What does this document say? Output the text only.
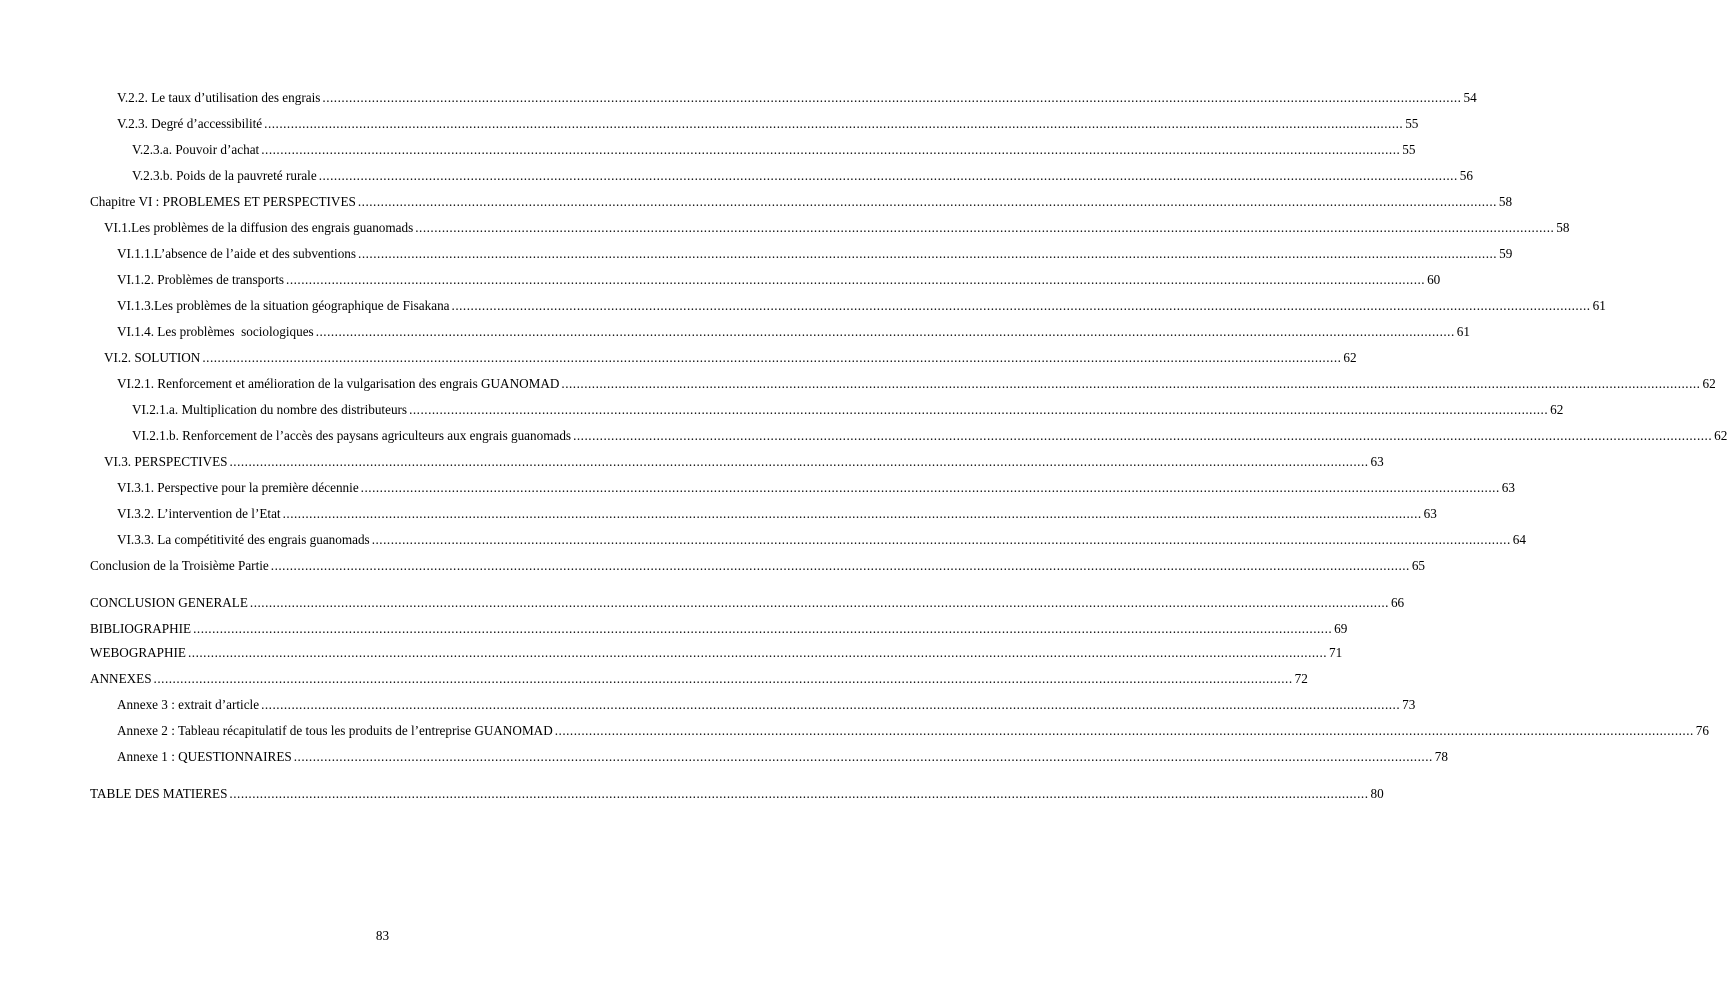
V.2.2. Le taux d’utilisation des engrais ............................................................................................................................................................................................................................................................................................................ 54
V.2.3. Degré d’accessibilité ............................................................................................................................................................................................................................................................................................................ 55
V.2.3.a. Pouvoir d’achat ............................................................................................................................................................................................................................................................................................................ 55
V.2.3.b. Poids de la pauvreté rurale ............................................................................................................................................................................................................................................................................................................ 56
Chapitre VI : PROBLEMES ET PERSPECTIVES ............................................................................................................................................................................................................................................................................................................ 58
VI.1.Les problèmes de la diffusion des engrais guanomads ............................................................................................................................................................................................................................................................................................................ 58
VI.1.1.L’absence de l’aide et des subventions ............................................................................................................................................................................................................................................................................................................ 59
VI.1.2. Problèmes de transports ............................................................................................................................................................................................................................................................................................................ 60
VI.1.3.Les problèmes de la situation géographique de Fisakana ............................................................................................................................................................................................................................................................................................................ 61
VI.1.4. Les problèmes  sociologiques ............................................................................................................................................................................................................................................................................................................ 61
VI.2. SOLUTION ............................................................................................................................................................................................................................................................................................................ 62
VI.2.1. Renforcement et amélioration de la vulgarisation des engrais GUANOMAD ............................................................................................................................................................................................................................................................................................................ 62
VI.2.1.a. Multiplication du nombre des distributeurs ............................................................................................................................................................................................................................................................................................................ 62
VI.2.1.b. Renforcement de l’accès des paysans agriculteurs aux engrais guanomads ............................................................................................................................................................................................................................................................................................................ 62
VI.3. PERSPECTIVES ............................................................................................................................................................................................................................................................................................................ 63
VI.3.1. Perspective pour la première décennie ............................................................................................................................................................................................................................................................................................................ 63
VI.3.2. L’intervention de l’Etat ............................................................................................................................................................................................................................................................................................................ 63
VI.3.3. La compétitivité des engrais guanomads ............................................................................................................................................................................................................................................................................................................ 64
Conclusion de la Troisième Partie ............................................................................................................................................................................................................................................................................................................ 65
CONCLUSION GENERALE ............................................................................................................................................................................................................................................................................................................ 66
BIBLIOGRAPHIE ............................................................................................................................................................................................................................................................................................................ 69
WEBOGRAPHIE ............................................................................................................................................................................................................................................................................................................ 71
ANNEXES ............................................................................................................................................................................................................................................................................................................ 72
Annexe 3 : extrait d’article ............................................................................................................................................................................................................................................................................................................ 73
Annexe 2 : Tableau récapitulatif de tous les produits de l’entreprise GUANOMAD ............................................................................................................................................................................................................................................................................................................ 76
Annexe 1 : QUESTIONNAIRES ............................................................................................................................................................................................................................................................................................................ 78
TABLE DES MATIERES ............................................................................................................................................................................................................................................................................................................ 80
83
